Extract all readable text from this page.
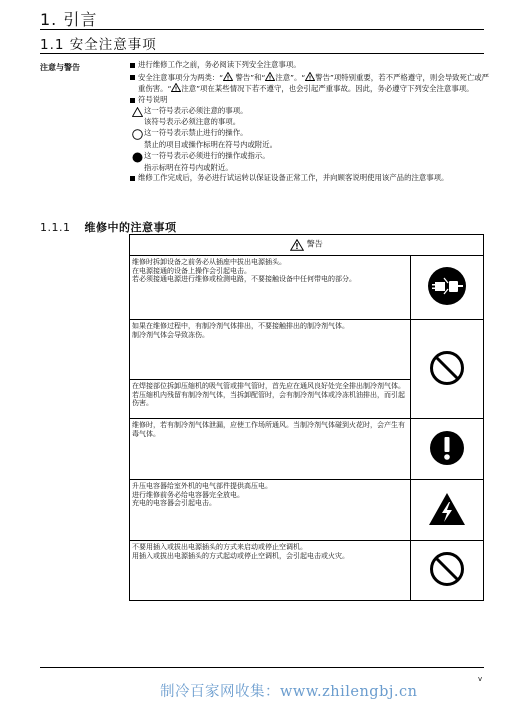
1. 引言
1.1 安全注意事项
注意与警告	进行维修工作之前，务必阅读下列安全注意事项。
安全注意事项分为两类：“ ! 警告”和“ ! 注意”。“ ! 警告”项特别重要，若不严格遵守，则会导致死亡或严重伤害。“ ! 注意”项在某些情况下若不遵守，也会引起严重事故。因此，务必遵守下列安全注意事项。
符号说明
这一符号表示必须注意的事项。
该符号表示必须注意的事项。
这一符号表示禁止进行的操作。
禁止的项目或操作标明在符号内或附近。
这一符号表示必须进行的操作或指示。
指示标明在符号内或附近。
维修工作完成后，务必进行试运转以保证设备正常工作，并向顾客说明使用该产品的注意事项。
1.1.1 维修中的注意事项
! 警告	
维修时拆卸设备之前务必从插座中拔出电源插头。
在电源接通的设备上操作会引起电击。
若必须接通电源进行维修或检测电路，不要接触设备中任何带电的部分。	
如果在维修过程中，有制冷剂气体排出，不要接触排出的制冷剂气体。
制冷剂气体会导致冻伤。	
在焊接部位拆卸压缩机的吸气管或排气管时，首先应在通风良好处完全排出制冷剂气体。
若压缩机内残留有制冷剂气体，当拆卸配管时，会有制冷剂气体或冷冻机油排出，而引起伤害。	
维修时，若有制冷剂气体泄漏，应使工作场所通风。当制冷剂气体碰到火花时，会产生有毒气体。	
升压电容器给室外机的电气部件提供高压电。
进行维修前务必给电容器完全放电。
充电的电容器会引起电击。	
不要用插入或拔出电源插头的方式来启动或停止空调机。
用插入或拔出电源插头的方式起动或停止空调机，会引起电击或火灾。	
v
制冷百家网收集：www.zhilengbj.cn
